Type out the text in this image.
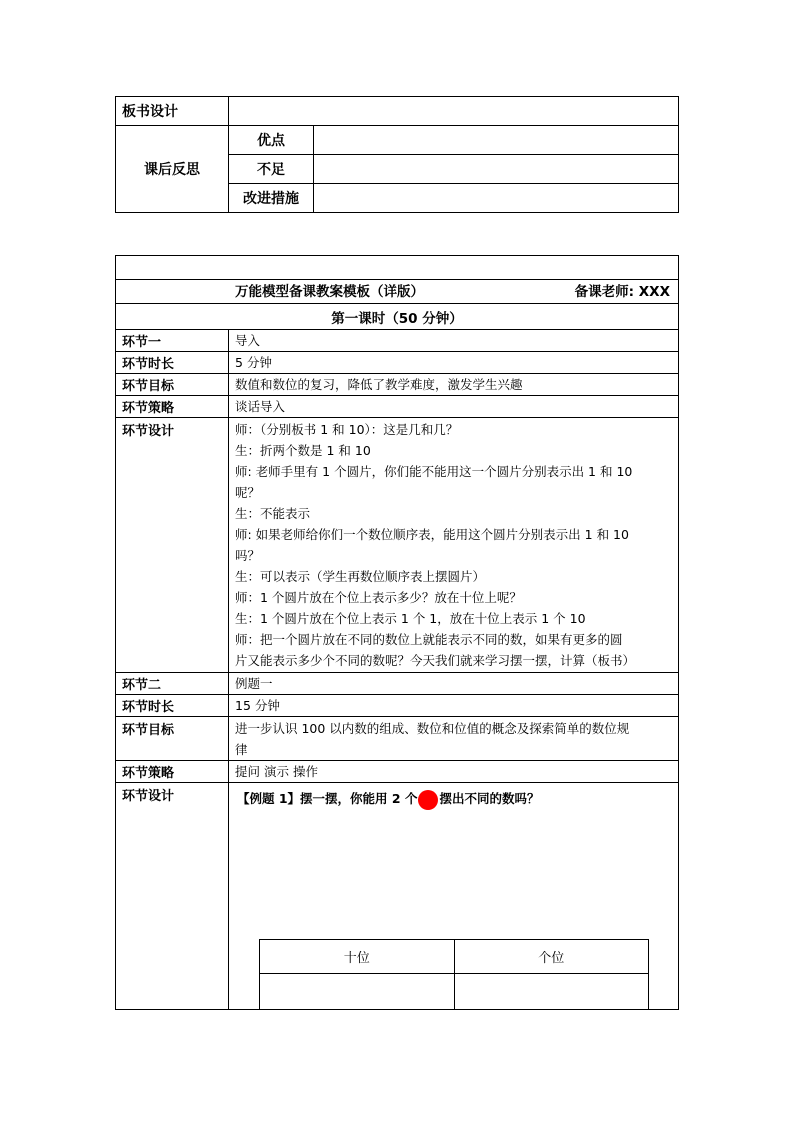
板书设计		
课后反思	优点	
	不足	
	改进措施	

万能模型备课教案模板（详版）	备课老师: XXX

第一课时（50 分钟）
环节一	导入
环节时长	5 分钟
环节目标	数值和数位的复习，降低了教学难度，激发学生兴趣
环节策略	谈话导入
环节设计	师：（分别板书 1 和 10）：这是几和几？
生：折两个数是 1 和 10
师: 老师手里有 1 个圆片，你们能不能用这一个圆片分别表示出 1 和 10
呢？
生：不能表示
师: 如果老师给你们一个数位顺序表，能用这个圆片分别表示出 1 和 10
吗？
生：可以表示（学生再数位顺序表上摆圆片）
师：1 个圆片放在个位上表示多少？放在十位上呢？
生：1 个圆片放在个位上表示 1 个 1，放在十位上表示 1 个 10
师：把一个圆片放在不同的数位上就能表示不同的数，如果有更多的圆
片又能表示多少个不同的数呢？今天我们就来学习摆一摆，计算（板书）

环节二	例题一
环节时长	15 分钟
环节目标	进一步认识 100 以内数的组成、数位和位值的概念及探索简单的数位规
律

环节策略	提问 演示 操作
环节设计	【例题 1】摆一摆，你能用 2 个 摆出不同的数吗？
十位	个位
